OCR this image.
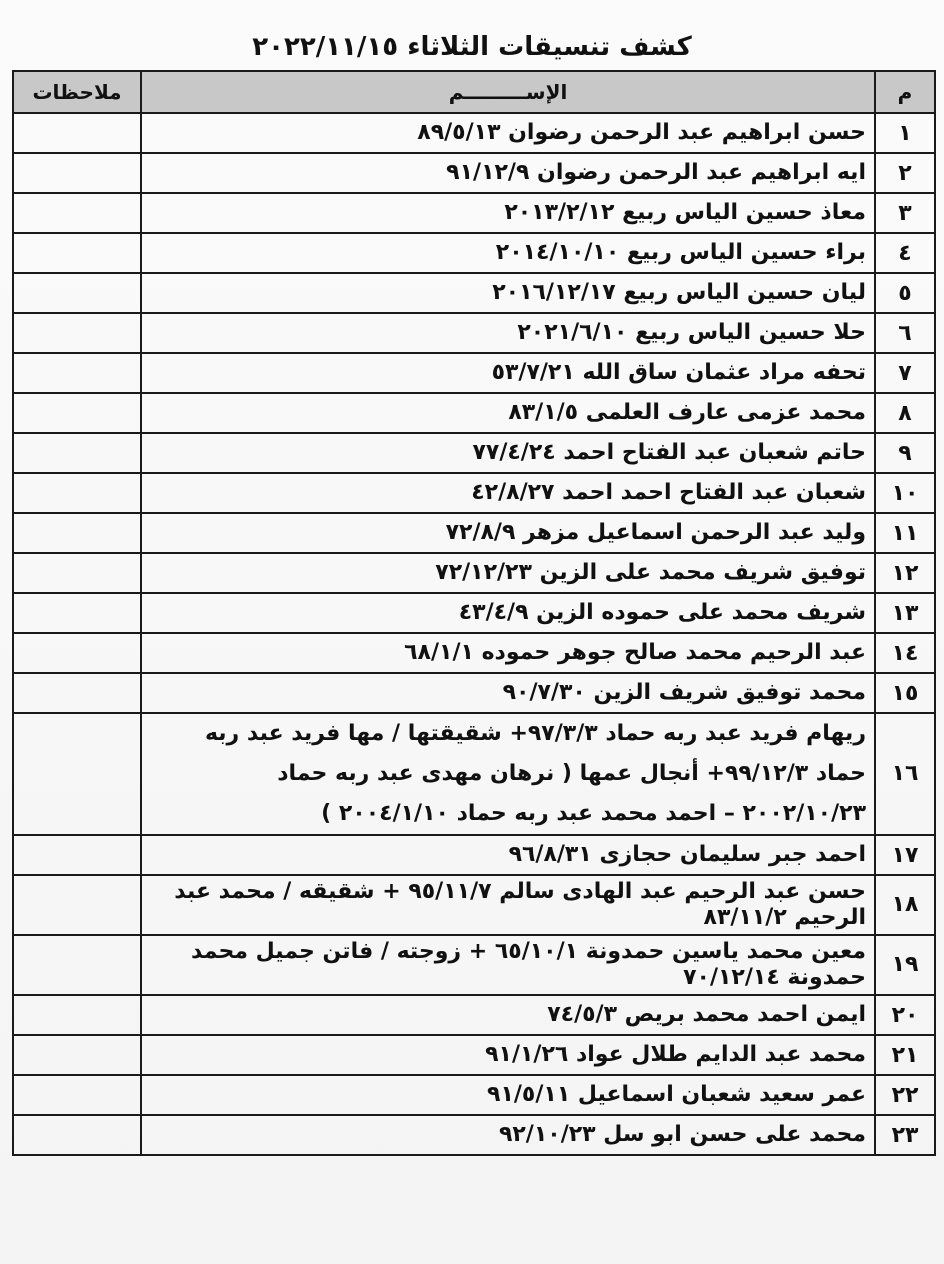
كشف تنسيقات الثلاثاء ٢٠٢٢/١١/١٥
م	الإســـــــــم	ملاحظات
١	حسن ابراهيم عبد الرحمن رضوان ٨٩/٥/١٣	
٢	ايه ابراهيم عبد الرحمن رضوان ٩١/١٢/٩	
٣	معاذ حسين الياس ربيع ٢٠١٣/٢/١٢	
٤	براء حسين الياس ربيع ٢٠١٤/١٠/١٠	
٥	ليان حسين الياس ربيع ٢٠١٦/١٢/١٧	
٦	حلا حسين الياس ربيع ٢٠٢١/٦/١٠	
٧	تحفه مراد عثمان ساق الله ٥٣/٧/٢١	
٨	محمد عزمى عارف العلمى ٨٣/١/٥	
٩	حاتم شعبان عبد الفتاح احمد ٧٧/٤/٢٤	
١٠	شعبان عبد الفتاح احمد احمد ٤٢/٨/٢٧	
١١	وليد عبد الرحمن اسماعيل مزهر ٧٢/٨/٩	
١٢	توفيق شريف محمد على الزين ٧٢/١٢/٢٣	
١٣	شريف محمد على حموده الزين ٤٣/٤/٩	
١٤	عبد الرحيم محمد صالح جوهر حموده ٦٨/١/١	
١٥	محمد توفيق شريف الزين ٩٠/٧/٣٠	
١٦	ريهام فريد عبد ربه حماد ٩٧/٣/٣+ شقيقتها / مها فريد عبد ربه حماد ٩٩/١٢/٣+ أنجال عمها ( نرهان مهدى عبد ربه حماد ٢٠٠٢/١٠/٢٣ – احمد محمد عبد ربه حماد ٢٠٠٤/١/١٠ )	
١٧	احمد جبر سليمان حجازى ٩٦/٨/٣١	
١٨	حسن عبد الرحيم عبد الهادى سالم ٩٥/١١/٧ + شقيقه / محمد عبد الرحيم ٨٣/١١/٢	
١٩	معين محمد ياسين حمدونة ٦٥/١٠/١ + زوجته / فاتن جميل محمد حمدونة ٧٠/١٢/١٤	
٢٠	ايمن احمد محمد بريص ٧٤/٥/٣	
٢١	محمد عبد الدايم طلال عواد ٩١/١/٢٦	
٢٢	عمر سعيد شعبان اسماعيل ٩١/٥/١١	
٢٣	محمد على حسن ابو سل ٩٢/١٠/٢٣	
